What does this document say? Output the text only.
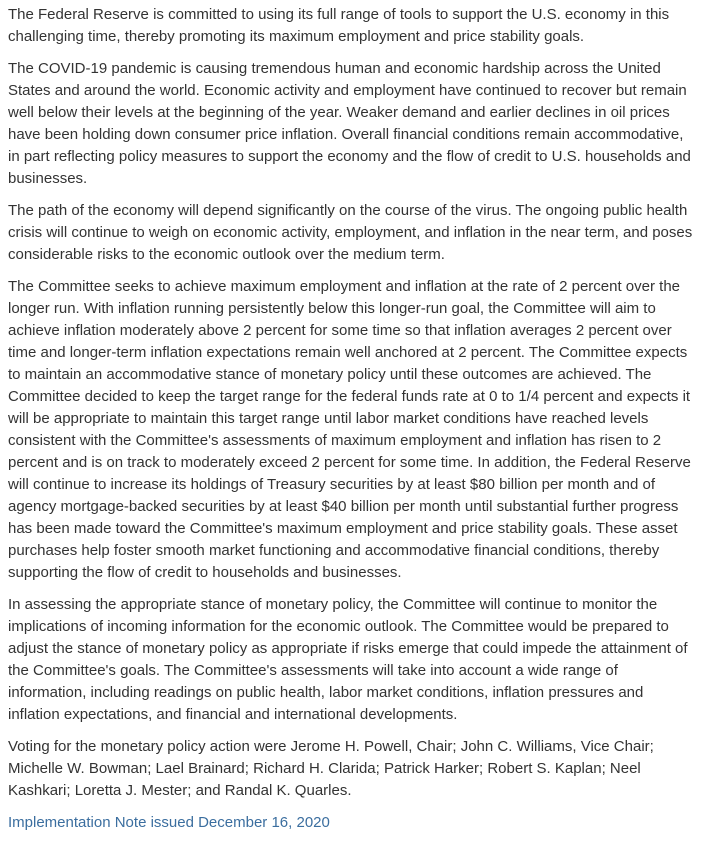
The Federal Reserve is committed to using its full range of tools to support the U.S. economy in this challenging time, thereby promoting its maximum employment and price stability goals.

The COVID-19 pandemic is causing tremendous human and economic hardship across the United States and around the world. Economic activity and employment have continued to recover but remain well below their levels at the beginning of the year. Weaker demand and earlier declines in oil prices have been holding down consumer price inflation. Overall financial conditions remain accommodative, in part reflecting policy measures to support the economy and the flow of credit to U.S. households and businesses.

The path of the economy will depend significantly on the course of the virus. The ongoing public health crisis will continue to weigh on economic activity, employment, and inflation in the near term, and poses considerable risks to the economic outlook over the medium term.

The Committee seeks to achieve maximum employment and inflation at the rate of 2 percent over the longer run. With inflation running persistently below this longer-run goal, the Committee will aim to achieve inflation moderately above 2 percent for some time so that inflation averages 2 percent over time and longer-term inflation expectations remain well anchored at 2 percent. The Committee expects to maintain an accommodative stance of monetary policy until these outcomes are achieved. The Committee decided to keep the target range for the federal funds rate at 0 to 1/4 percent and expects it will be appropriate to maintain this target range until labor market conditions have reached levels consistent with the Committee's assessments of maximum employment and inflation has risen to 2 percent and is on track to moderately exceed 2 percent for some time. In addition, the Federal Reserve will continue to increase its holdings of Treasury securities by at least $80 billion per month and of agency mortgage-backed securities by at least $40 billion per month until substantial further progress has been made toward the Committee's maximum employment and price stability goals. These asset purchases help foster smooth market functioning and accommodative financial conditions, thereby supporting the flow of credit to households and businesses.

In assessing the appropriate stance of monetary policy, the Committee will continue to monitor the implications of incoming information for the economic outlook. The Committee would be prepared to adjust the stance of monetary policy as appropriate if risks emerge that could impede the attainment of the Committee's goals. The Committee's assessments will take into account a wide range of information, including readings on public health, labor market conditions, inflation pressures and inflation expectations, and financial and international developments.

Voting for the monetary policy action were Jerome H. Powell, Chair; John C. Williams, Vice Chair; Michelle W. Bowman; Lael Brainard; Richard H. Clarida; Patrick Harker; Robert S. Kaplan; Neel Kashkari; Loretta J. Mester; and Randal K. Quarles.

Implementation Note issued December 16, 2020
